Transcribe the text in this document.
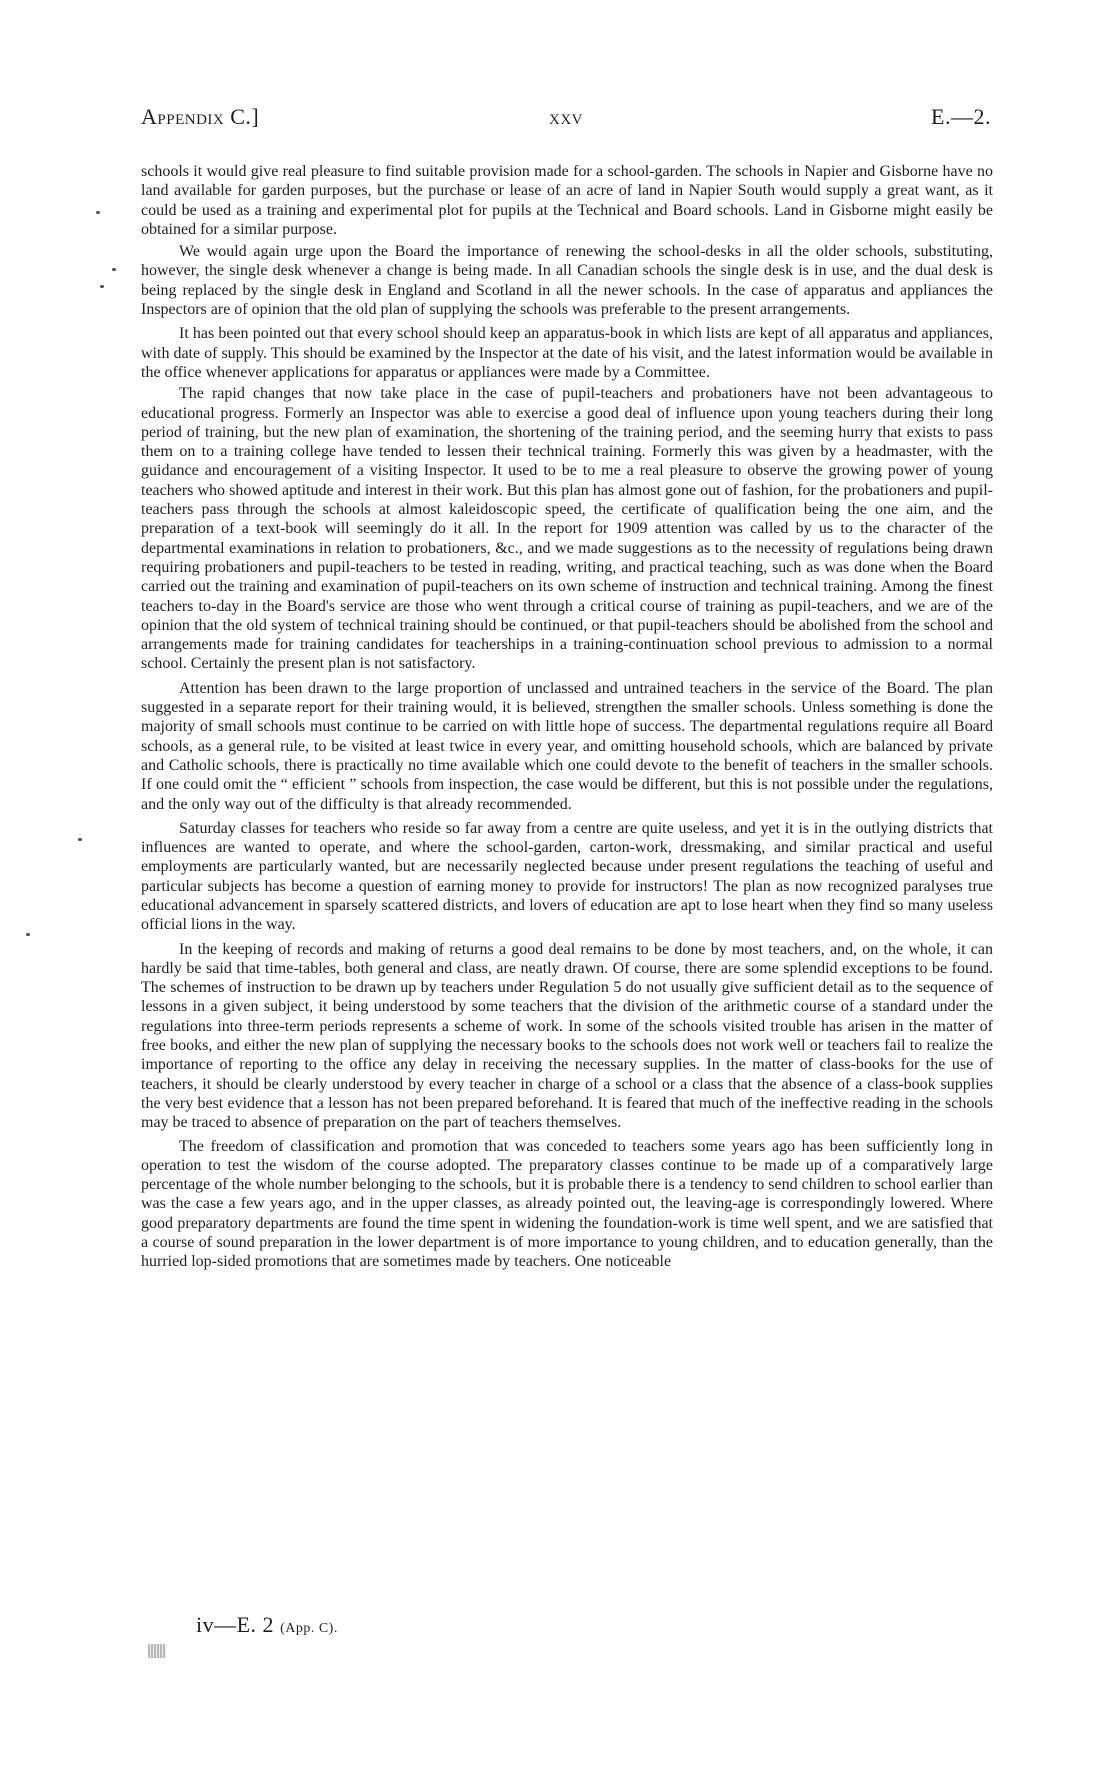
Appendix C.]	xxv	E.—2.

schools it would give real pleasure to find suitable provision made for a school-garden. The schools in Napier and Gisborne have no land available for garden purposes, but the purchase or lease of an acre of land in Napier South would supply a great want, as it could be used as a training and experimental plot for pupils at the Technical and Board schools. Land in Gisborne might easily be obtained for a similar purpose.

We would again urge upon the Board the importance of renewing the school-desks in all the older schools, substituting, however, the single desk whenever a change is being made. In all Canadian schools the single desk is in use, and the dual desk is being replaced by the single desk in England and Scotland in all the newer schools. In the case of apparatus and appliances the Inspectors are of opinion that the old plan of supplying the schools was preferable to the present arrangements.

It has been pointed out that every school should keep an apparatus-book in which lists are kept of all apparatus and appliances, with date of supply. This should be examined by the Inspector at the date of his visit, and the latest information would be available in the office whenever applications for apparatus or appliances were made by a Committee.

The rapid changes that now take place in the case of pupil-teachers and probationers have not been advantageous to educational progress. Formerly an Inspector was able to exercise a good deal of influence upon young teachers during their long period of training, but the new plan of examination, the shortening of the training period, and the seeming hurry that exists to pass them on to a training college have tended to lessen their technical training. Formerly this was given by a headmaster, with the guidance and encouragement of a visiting Inspector. It used to be to me a real pleasure to observe the growing power of young teachers who showed aptitude and interest in their work. But this plan has almost gone out of fashion, for the probationers and pupil-teachers pass through the schools at almost kaleidoscopic speed, the certificate of qualification being the one aim, and the preparation of a text-book will seemingly do it all. In the report for 1909 attention was called by us to the character of the departmental examinations in relation to probationers, &c., and we made suggestions as to the necessity of regulations being drawn requiring probationers and pupil-teachers to be tested in reading, writing, and practical teaching, such as was done when the Board carried out the training and examination of pupil-teachers on its own scheme of instruction and technical training. Among the finest teachers to-day in the Board's service are those who went through a critical course of training as pupil-teachers, and we are of the opinion that the old system of technical training should be continued, or that pupil-teachers should be abolished from the school and arrangements made for training candidates for teacherships in a training-continuation school previous to admission to a normal school. Certainly the present plan is not satisfactory.

Attention has been drawn to the large proportion of unclassed and untrained teachers in the service of the Board. The plan suggested in a separate report for their training would, it is believed, strengthen the smaller schools. Unless something is done the majority of small schools must continue to be carried on with little hope of success. The departmental regulations require all Board schools, as a general rule, to be visited at least twice in every year, and omitting household schools, which are balanced by private and Catholic schools, there is practically no time available which one could devote to the benefit of teachers in the smaller schools. If one could omit the “ efficient ” schools from inspection, the case would be different, but this is not possible under the regulations, and the only way out of the difficulty is that already recommended.

Saturday classes for teachers who reside so far away from a centre are quite useless, and yet it is in the outlying districts that influences are wanted to operate, and where the school-garden, carton-work, dressmaking, and similar practical and useful employments are particularly wanted, but are necessarily neglected because under present regulations the teaching of useful and particular subjects has become a question of earning money to provide for instructors! The plan as now recognized paralyses true educational advancement in sparsely scattered districts, and lovers of education are apt to lose heart when they find so many useless official lions in the way.

In the keeping of records and making of returns a good deal remains to be done by most teachers, and, on the whole, it can hardly be said that time-tables, both general and class, are neatly drawn. Of course, there are some splendid exceptions to be found. The schemes of instruction to be drawn up by teachers under Regulation 5 do not usually give sufficient detail as to the sequence of lessons in a given subject, it being understood by some teachers that the division of the arithmetic course of a standard under the regulations into three-term periods represents a scheme of work. In some of the schools visited trouble has arisen in the matter of free books, and either the new plan of supplying the necessary books to the schools does not work well or teachers fail to realize the importance of reporting to the office any delay in receiving the necessary supplies. In the matter of class-books for the use of teachers, it should be clearly understood by every teacher in charge of a school or a class that the absence of a class-book supplies the very best evidence that a lesson has not been prepared beforehand. It is feared that much of the ineffective reading in the schools may be traced to absence of preparation on the part of teachers themselves.

The freedom of classification and promotion that was conceded to teachers some years ago has been sufficiently long in operation to test the wisdom of the course adopted. The preparatory classes continue to be made up of a comparatively large percentage of the whole number belonging to the schools, but it is probable there is a tendency to send children to school earlier than was the case a few years ago, and in the upper classes, as already pointed out, the leaving-age is correspondingly lowered. Where good preparatory departments are found the time spent in widening the foundation-work is time well spent, and we are satisfied that a course of sound preparation in the lower department is of more importance to young children, and to education generally, than the hurried lop-sided promotions that are sometimes made by teachers. One noticeable

iv—E. 2 (App. C).
